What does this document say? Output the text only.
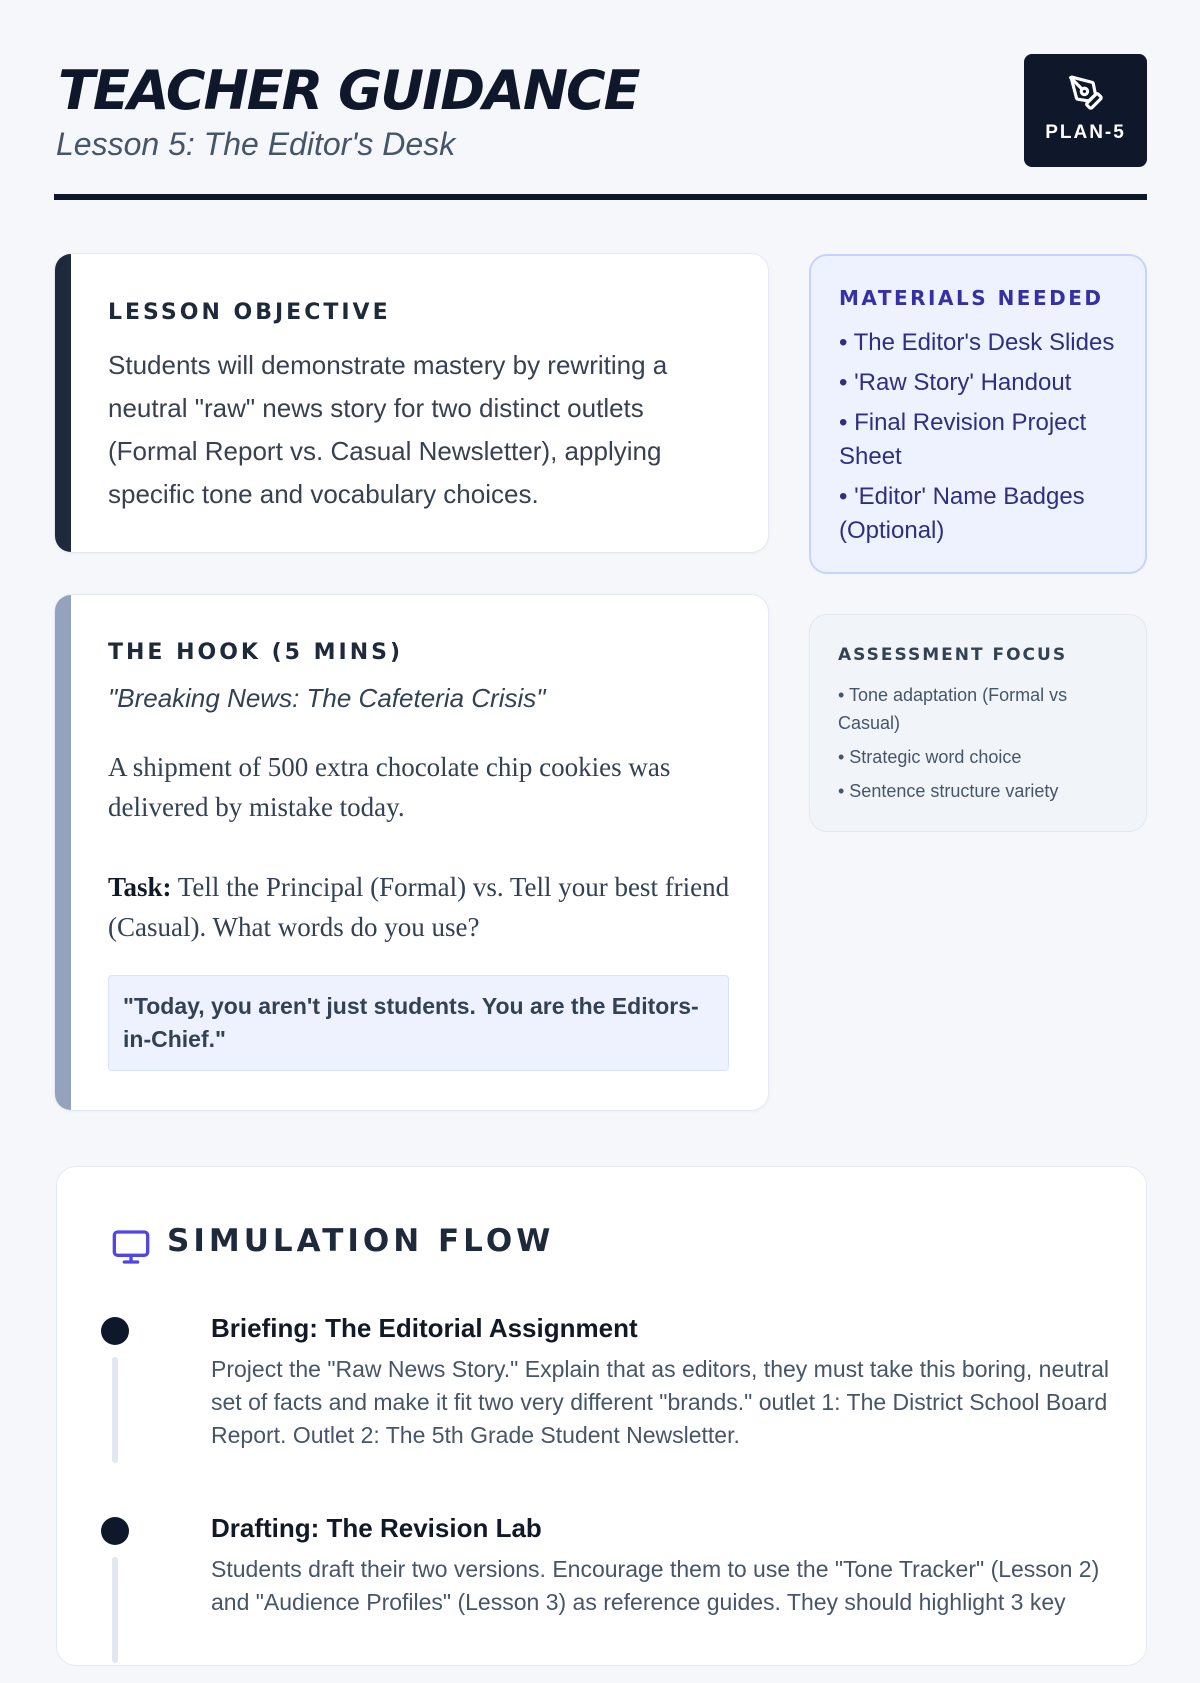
TEACHER GUIDANCE
Lesson 5: The Editor's Desk	PLAN-5
LESSON OBJECTIVE
Students will demonstrate mastery by rewriting a neutral "raw" news story for two distinct outlets (Formal Report vs. Casual Newsletter), applying specific tone and vocabulary choices.
THE HOOK (5 MINS)
"Breaking News: The Cafeteria Crisis"
A shipment of 500 extra chocolate chip cookies was delivered by mistake today.
Task: Tell the Principal (Formal) vs. Tell your best friend (Casual). What words do you use?
"Today, you aren't just students. You are the Editors-in-Chief."
MATERIALS NEEDED
• The Editor's Desk Slides
• 'Raw Story' Handout
• Final Revision Project Sheet
• 'Editor' Name Badges (Optional)
ASSESSMENT FOCUS
• Tone adaptation (Formal vs Casual)
• Strategic word choice
• Sentence structure variety
SIMULATION FLOW
Briefing: The Editorial Assignment
Project the "Raw News Story." Explain that as editors, they must take this boring, neutral set of facts and make it fit two very different "brands." outlet 1: The District School Board Report. Outlet 2: The 5th Grade Student Newsletter.
Drafting: The Revision Lab
Students draft their two versions. Encourage them to use the "Tone Tracker" (Lesson 2) and "Audience Profiles" (Lesson 3) as reference guides. They should highlight 3 key
